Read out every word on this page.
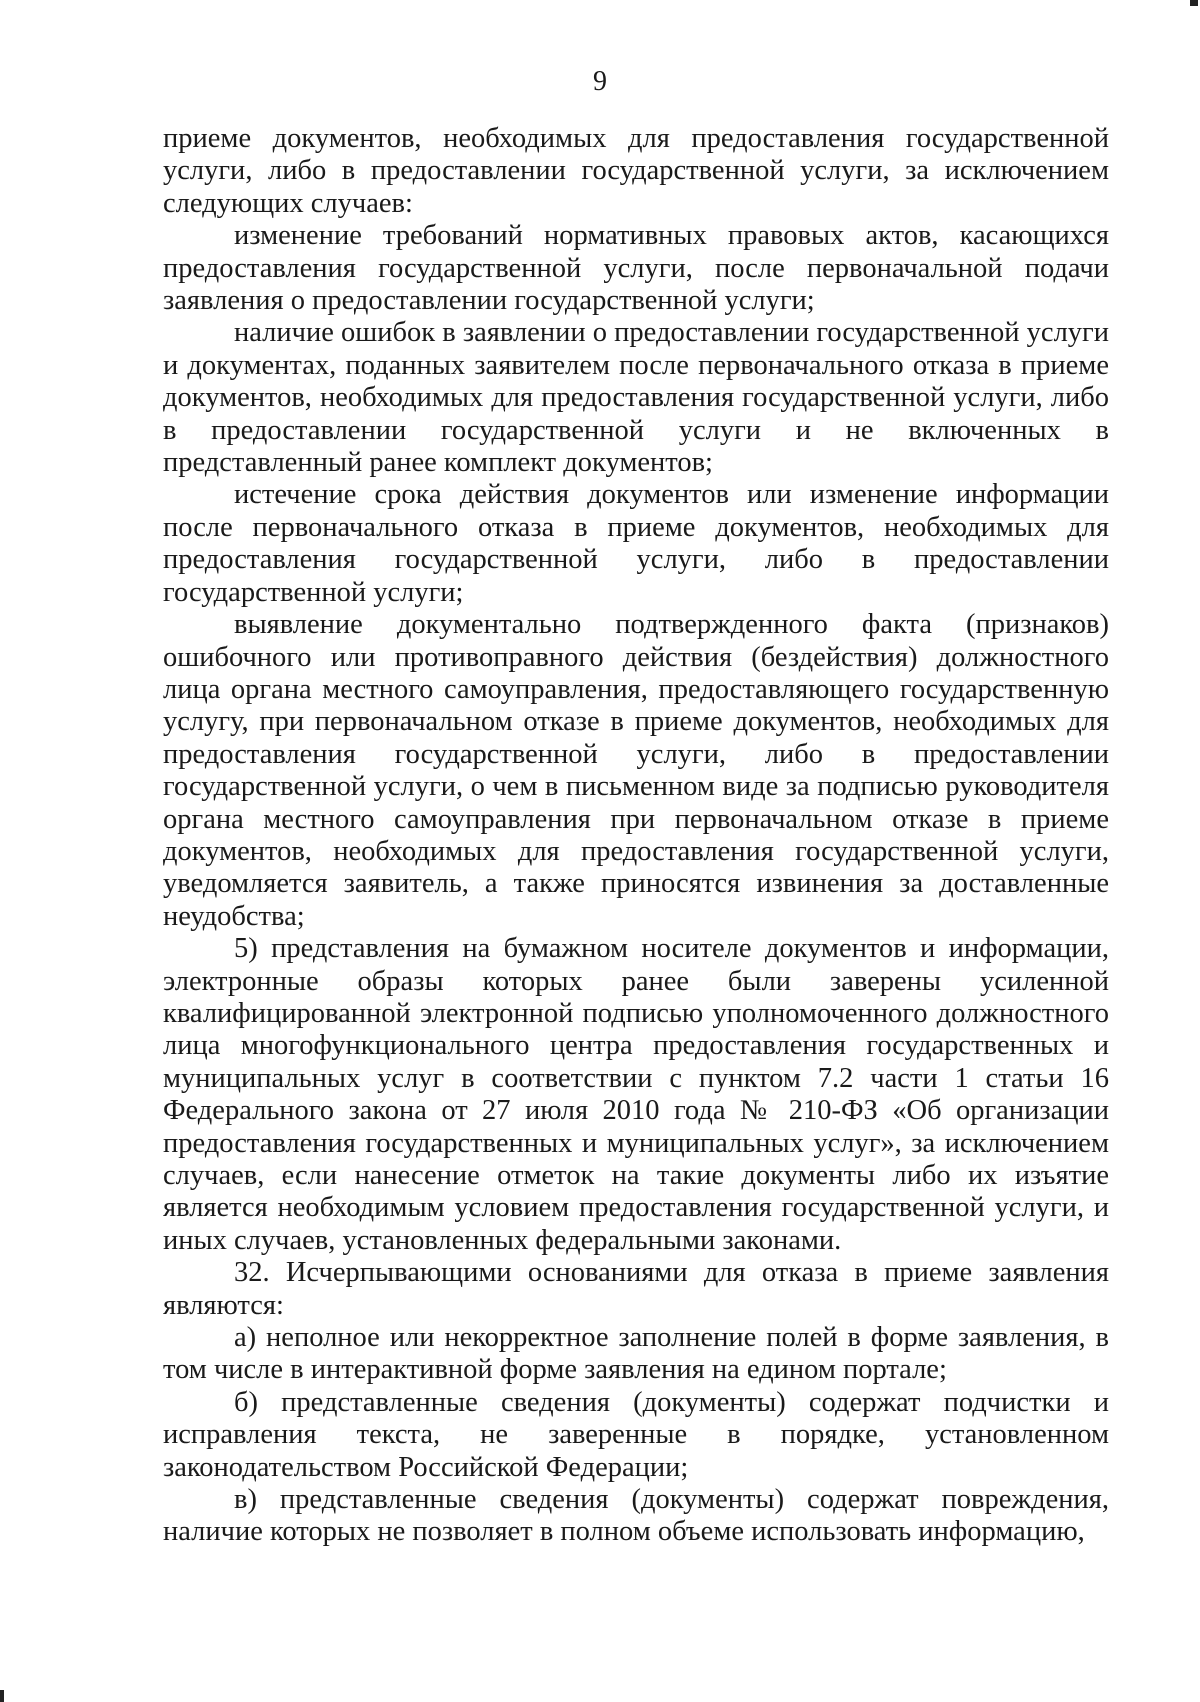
9

приеме документов, необходимых для предоставления государственной услуги, либо в предоставлении государственной услуги, за исключением следующих случаев:

изменение требований нормативных правовых актов, касающихся предоставления государственной услуги, после первоначальной подачи заявления о предоставлении государственной услуги;

наличие ошибок в заявлении о предоставлении государственной услуги и документах, поданных заявителем после первоначального отказа в приеме документов, необходимых для предоставления государственной услуги, либо в предоставлении государственной услуги и не включенных в представленный ранее комплект документов;

истечение срока действия документов или изменение информации после первоначального отказа в приеме документов, необходимых для предоставления государственной услуги, либо в предоставлении государственной услуги;

выявление документально подтвержденного факта (признаков) ошибочного или противоправного действия (бездействия) должностного лица органа местного самоуправления, предоставляющего государственную услугу, при первоначальном отказе в приеме документов, необходимых для предоставления государственной услуги, либо в предоставлении государственной услуги, о чем в письменном виде за подписью руководителя органа местного самоуправления при первоначальном отказе в приеме документов, необходимых для предоставления государственной услуги, уведомляется заявитель, а также приносятся извинения за доставленные неудобства;

5) представления на бумажном носителе документов и информации, электронные образы которых ранее были заверены усиленной квалифицированной электронной подписью уполномоченного должностного лица многофункционального центра предоставления государственных и муниципальных услуг в соответствии с пунктом 7.2 части 1 статьи 16 Федерального закона от 27 июля 2010 года № 210-ФЗ «Об организации предоставления государственных и муниципальных услуг», за исключением случаев, если нанесение отметок на такие документы либо их изъятие является необходимым условием предоставления государственной услуги, и иных случаев, установленных федеральными законами.

32. Исчерпывающими основаниями для отказа в приеме заявления являются:

а) неполное или некорректное заполнение полей в форме заявления, в том числе в интерактивной форме заявления на едином портале;

б) представленные сведения (документы) содержат подчистки и исправления текста, не заверенные в порядке, установленном законодательством Российской Федерации;

в) представленные сведения (документы) содержат повреждения, наличие которых не позволяет в полном объеме использовать информацию,
